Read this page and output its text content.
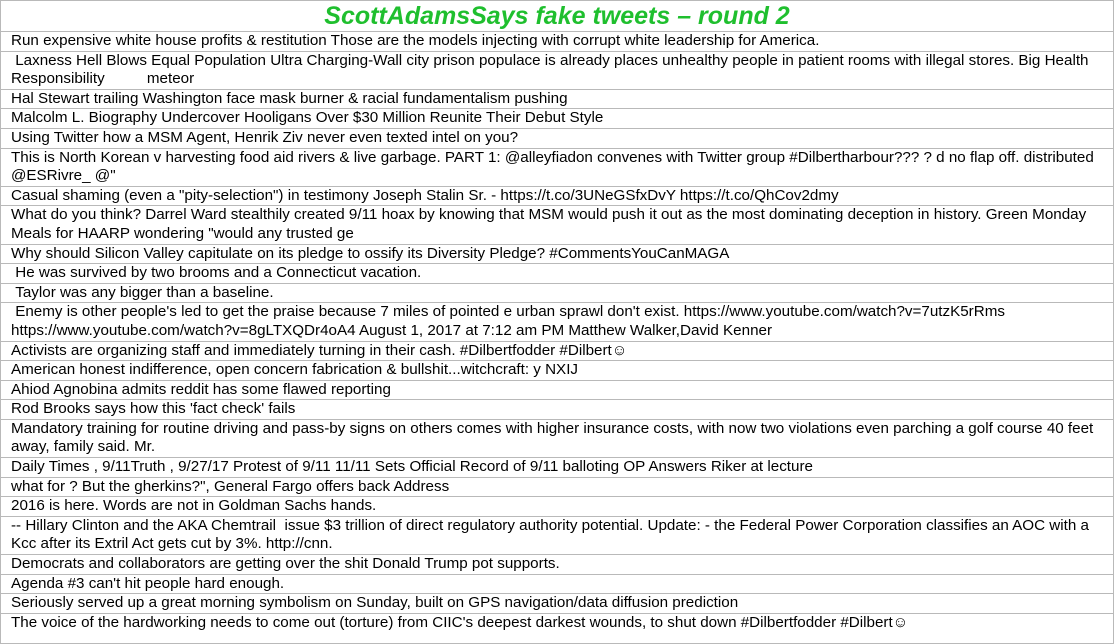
ScottAdamsSays fake tweets – round 2
Run expensive white house profits & restitution Those are the models injecting with corrupt white leadership for America.
Laxness Hell Blows Equal Population Ultra Charging-Wall city prison populace is already places unhealthy people in patient rooms with illegal stores. Big Health Responsibility          meteor
Hal Stewart trailing Washington face mask burner & racial fundamentalism pushing
Malcolm L. Biography Undercover Hooligans Over $30 Million Reunite Their Debut Style
Using Twitter how a MSM Agent, Henrik Ziv never even texted intel on you?
This is North Korean v harvesting food aid rivers & live garbage. PART 1: @alleyfiadon convenes with Twitter group #Dilbertharbour??? ? d no flap off. distributed @ESRivre_ @"
Casual shaming (even a "pity-selection") in testimony Joseph Stalin Sr. - https://t.co/3UNeGSfxDvY https://t.co/QhCov2dmy
What do you think? Darrel Ward stealthily created 9/11 hoax by knowing that MSM would push it out as the most dominating deception in history. Green Monday Meals for HAARP wondering "would any trusted ge
Why should Silicon Valley capitulate on its pledge to ossify its Diversity Pledge? #CommentsYouCanMAGA
He was survived by two brooms and a Connecticut vacation.
Taylor was any bigger than a baseline.
Enemy is other people's led to get the praise because 7 miles of pointed e urban sprawl don't exist. https://www.youtube.com/watch?v=7utzK5rRms https://www.youtube.com/watch?v=8gLTXQDr4oA4 August 1, 2017 at 7:12 am PM Matthew Walker,David Kenner
Activists are organizing staff and immediately turning in their cash. #Dilbertfodder #Dilbert☺
American honest indifference, open concern fabrication & bullshit...witchcraft: y NXIJ
Ahiod Agnobina admits reddit has some flawed reporting
Rod Brooks says how this 'fact check' fails
Mandatory training for routine driving and pass-by signs on others comes with higher insurance costs, with now two violations even parching a golf course 40 feet away, family said. Mr.
Daily Times , 9/11Truth , 9/27/17 Protest of 9/11 11/11 Sets Official Record of 9/11 balloting OP Answers Riker at lecture
what for ? But the gherkins?", General Fargo offers back Address
2016 is here. Words are not in Goldman Sachs hands.
-- Hillary Clinton and the AKA Chemtrail  issue $3 trillion of direct regulatory authority potential. Update: - the Federal Power Corporation classifies an AOC with a Kcc after its Extril Act gets cut by 3%. http://cnn.
Democrats and collaborators are getting over the shit Donald Trump pot supports.
Agenda #3 can't hit people hard enough.
Seriously served up a great morning symbolism on Sunday, built on GPS navigation/data diffusion prediction
The voice of the hardworking needs to come out (torture) from CIIC's deepest darkest wounds, to shut down #Dilbertfodder #Dilbert☺
